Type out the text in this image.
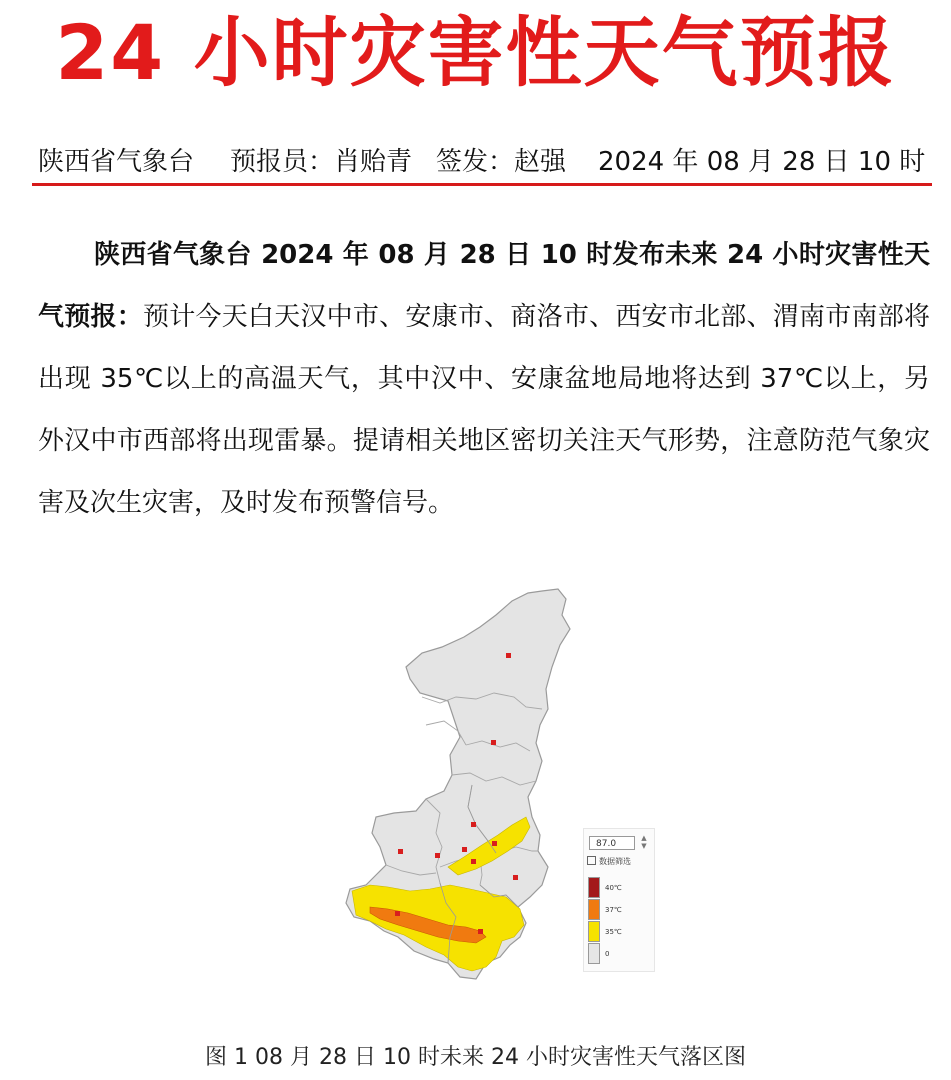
24 小时灾害性天气预报
陕西省气象台 预报员：肖贻青 签发：赵强 2024 年 08 月 28 日 10 时

陕西省气象台 2024 年 08 月 28 日 10 时发布未来 24 小时灾害性天气预报：预计今天白天汉中市、安康市、商洛市、西安市北部、渭南市南部将出现 35℃以上的高温天气，其中汉中、安康盆地局地将达到 37℃以上，另外汉中市西部将出现雷暴。提请相关地区密切关注天气形势，注意防范气象灾害及次生灾害，及时发布预警信号。

87.0
▲
▼
数据筛选
40℃
37℃
35℃
0
图 1 08 月 28 日 10 时未来 24 小时灾害性天气落区图
